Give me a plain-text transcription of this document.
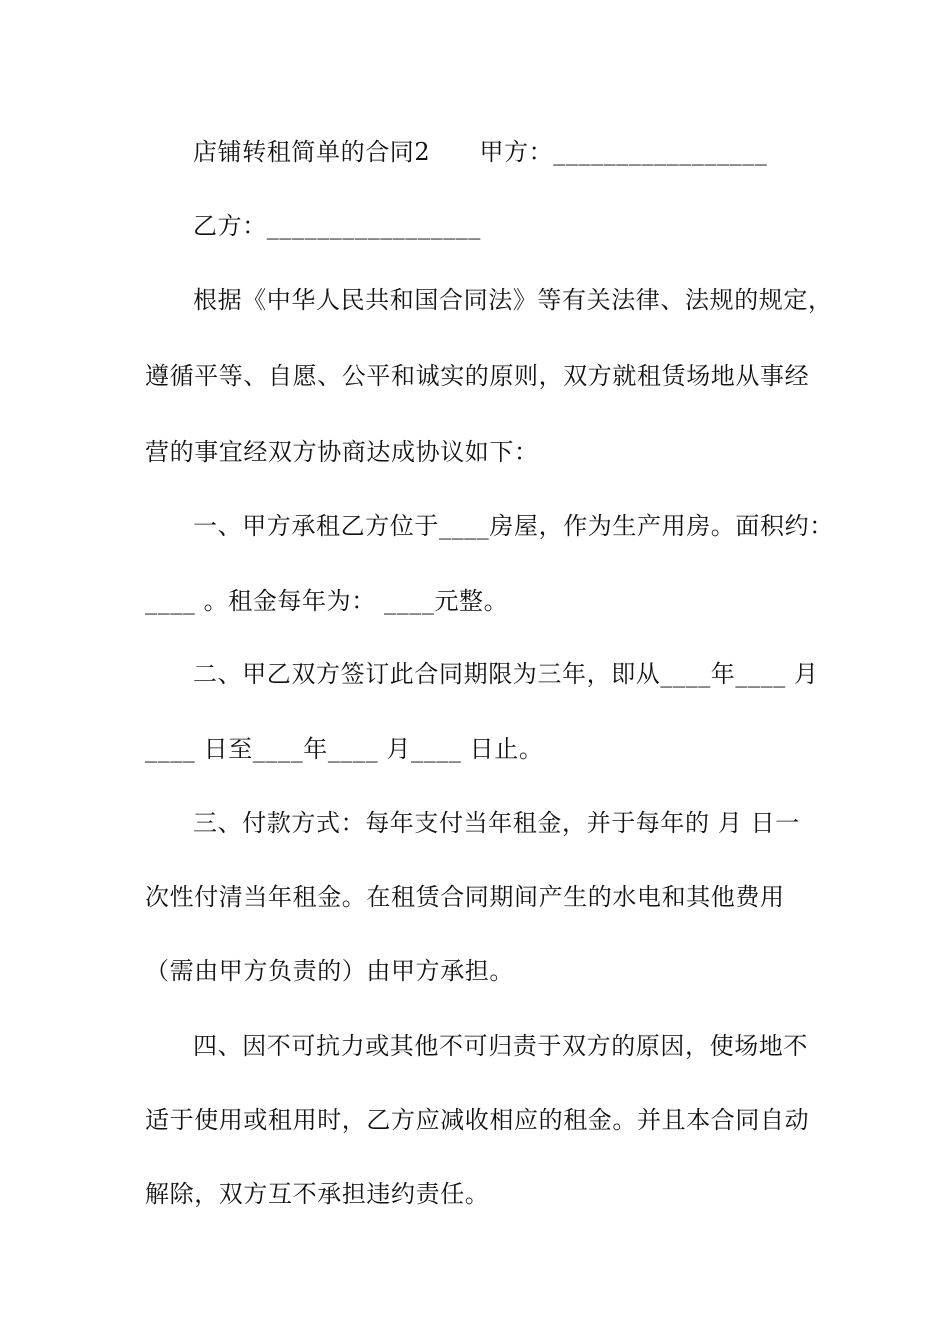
店铺转租简单的合同2　　甲方：_________________
乙方：_________________
根据《中华人民共和国合同法》等有关法律、法规的规定，
遵循平等、自愿、公平和诚实的原则，双方就租赁场地从事经
营的事宜经双方协商达成协议如下：
一、甲方承租乙方位于____房屋，作为生产用房。面积约：
____ 。租金每年为： ____元整。
二、甲乙双方签订此合同期限为三年，即从____年____ 月
____ 日至____年____ 月____ 日止。
三、付款方式：每年支付当年租金，并于每年的 月 日一
次性付清当年租金。在租赁合同期间产生的水电和其他费用
（需由甲方负责的）由甲方承担。
四、因不可抗力或其他不可归责于双方的原因，使场地不
适于使用或租用时，乙方应减收相应的租金。并且本合同自动
解除，双方互不承担违约责任。
